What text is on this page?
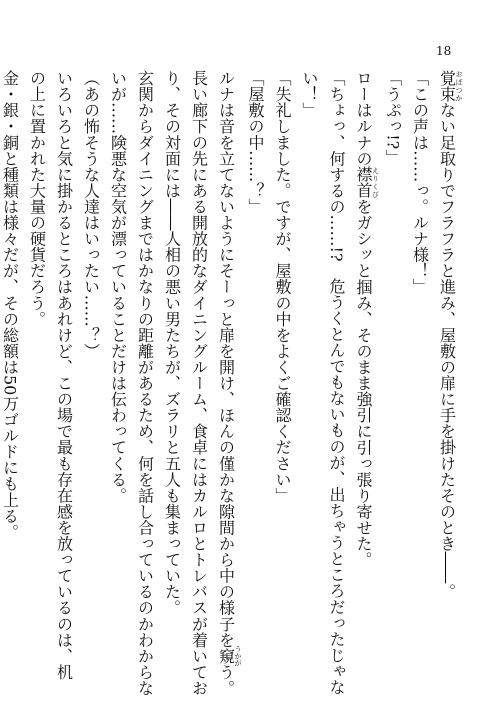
18
覚束おぼつかない足取りでフラフラと進み、屋敷の扉に手を掛けたそのとき――。
「この声は……っ。ルナ様！」
「うぷっ!?」
ローはルナの襟首えりくびをガシッと掴み、そのまま強引に引っ張り寄せた。
「ちょっ、何するの……!?　危うくとんでもないものが、出ちゃうところだったじゃな
い！」
「失礼しました。ですが、屋敷の中をよくご確認ください」
「屋敷の中……？」
ルナは音を立てないようにそーっと扉を開け、ほんの僅かな隙間から中の様子を窺うかがう。
長い廊下の先にある開放的なダイニングルーム、食卓にはカルロとトレバスが着いてお
り、その対面には――人相の悪い男たちが、ズラリと五人も集まっていた。
玄関からダイニングまではかなりの距離があるため、何を話し合っているのかわからな
いが……険悪な空気が漂っていることだけは伝わってくる。
（あの怖そうな人達はいったい……？）
いろいろと気に掛かるところはあれけど、この場で最も存在感を放っているのは、机
の上に置かれた大量の硬貨だろう。
金・銀・銅と種類は様々だが、その総額は50万ゴルドにも上る。
